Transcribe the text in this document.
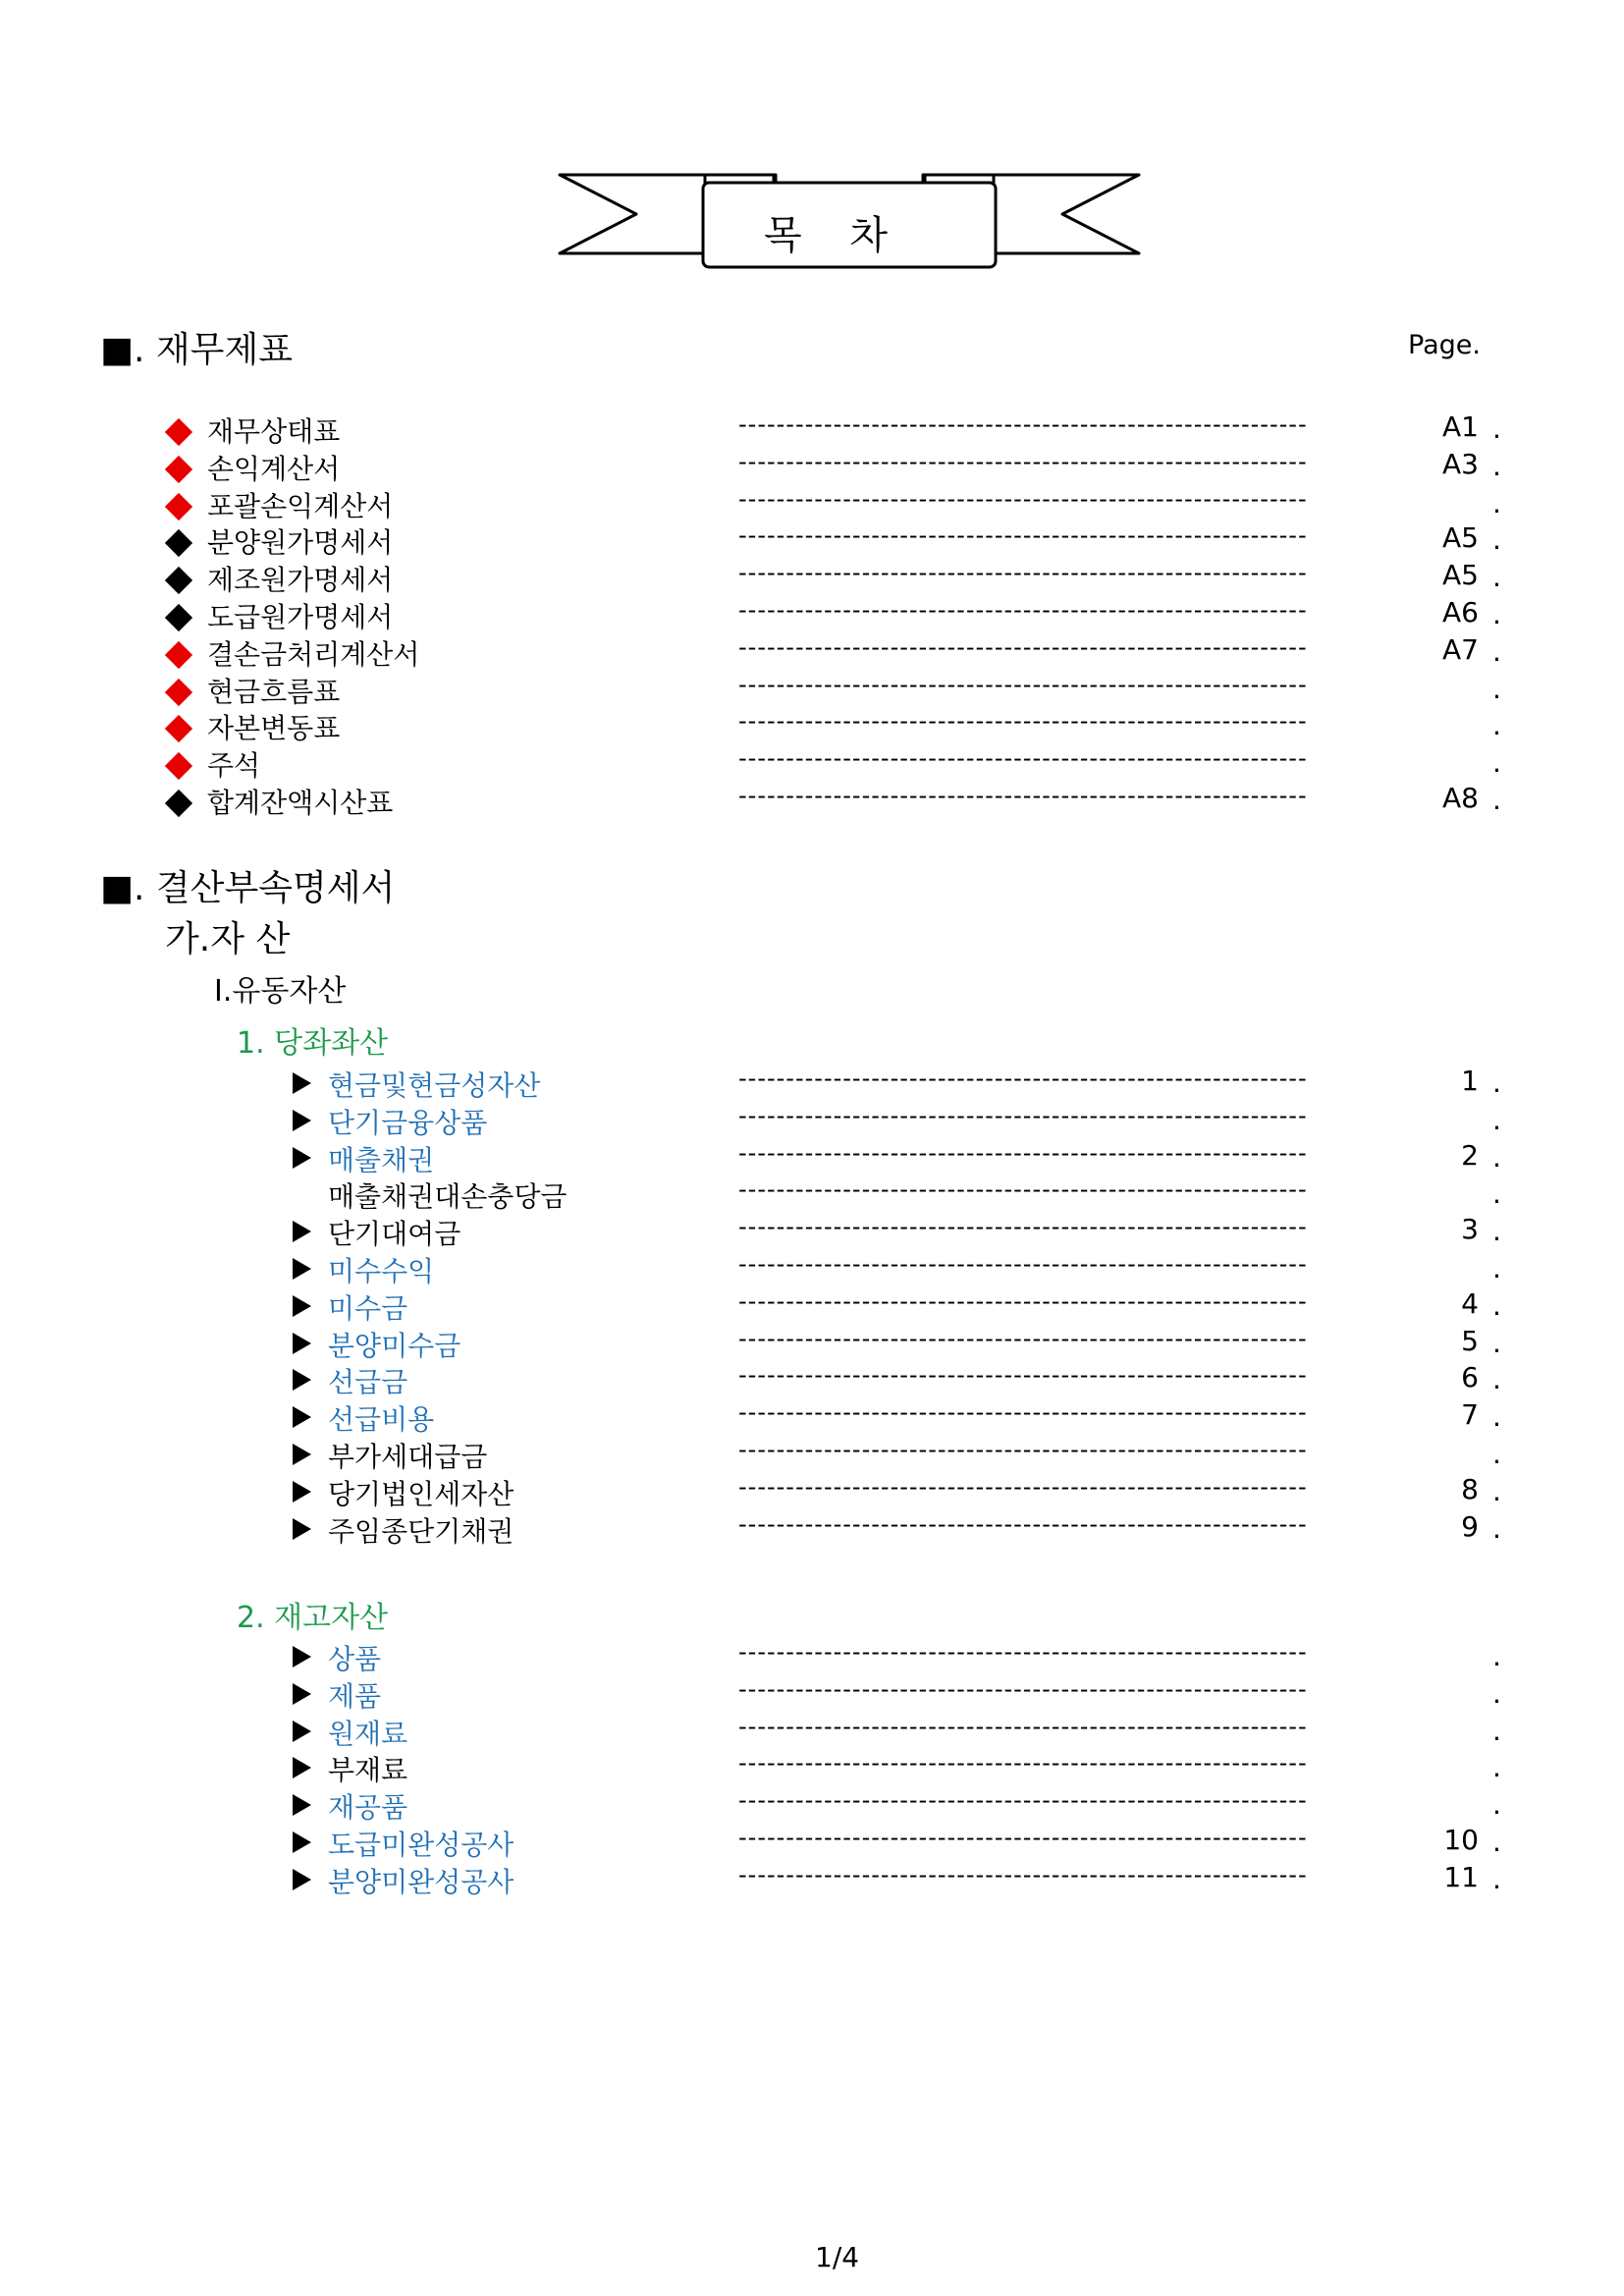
목 차
■. 재무제표	Page.
■. 결산부속명세서
가.자 산
Ⅰ.유동자산
1. 당좌좌산
2. 재고자산
1/4
재무상태표	------------------------------------------------------------	A1 .
손익계산서	------------------------------------------------------------	A3 .
포괄손익계산서	------------------------------------------------------------	.
분양원가명세서	------------------------------------------------------------	A5 .
제조원가명세서	------------------------------------------------------------	A5 .
도급원가명세서	------------------------------------------------------------	A6 .
결손금처리계산서	------------------------------------------------------------	A7 .
현금흐름표	------------------------------------------------------------	.
자본변동표	------------------------------------------------------------	.
주석	------------------------------------------------------------	.
합계잔액시산표	------------------------------------------------------------	A8 .
현금및현금성자산	------------------------------------------------------------	1 .
단기금융상품	------------------------------------------------------------	.
매출채권	------------------------------------------------------------	2 .
매출채권대손충당금	------------------------------------------------------------	.
단기대여금	------------------------------------------------------------	3 .
미수수익	------------------------------------------------------------	.
미수금	------------------------------------------------------------	4 .
분양미수금	------------------------------------------------------------	5 .
선급금	------------------------------------------------------------	6 .
선급비용	------------------------------------------------------------	7 .
부가세대급금	------------------------------------------------------------	.
당기법인세자산	------------------------------------------------------------	8 .
주임종단기채권	------------------------------------------------------------	9 .
상품	------------------------------------------------------------	.
제품	------------------------------------------------------------	.
원재료	------------------------------------------------------------	.
부재료	------------------------------------------------------------	.
재공품	------------------------------------------------------------	.
도급미완성공사	------------------------------------------------------------	10 .
분양미완성공사	------------------------------------------------------------	11 .
